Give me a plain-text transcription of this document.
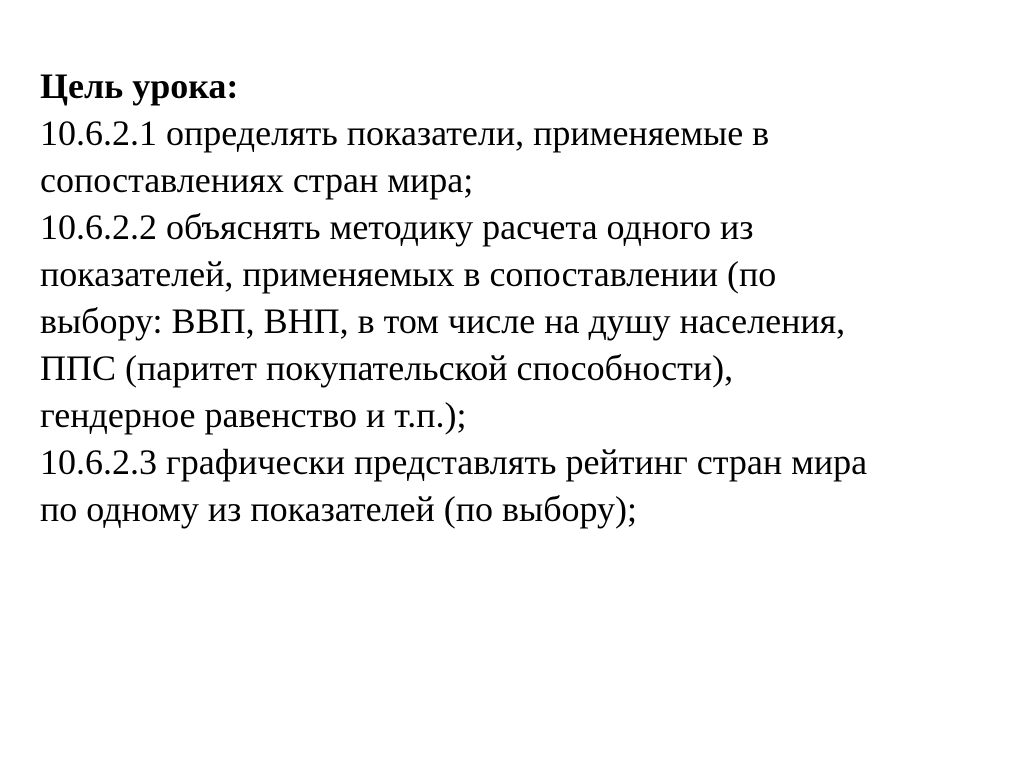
Цель урока:
10.6.2.1 определять показатели, применяемые в
сопоставлениях стран мира;
10.6.2.2 объяснять методику расчета одного из
показателей, применяемых в сопоставлении (по
выбору: ВВП, ВНП, в том числе на душу населения,
ППС (паритет покупательской способности),
гендерное равенство и т.п.);
10.6.2.3 графически представлять рейтинг стран мира
по одному из показателей (по выбору);
